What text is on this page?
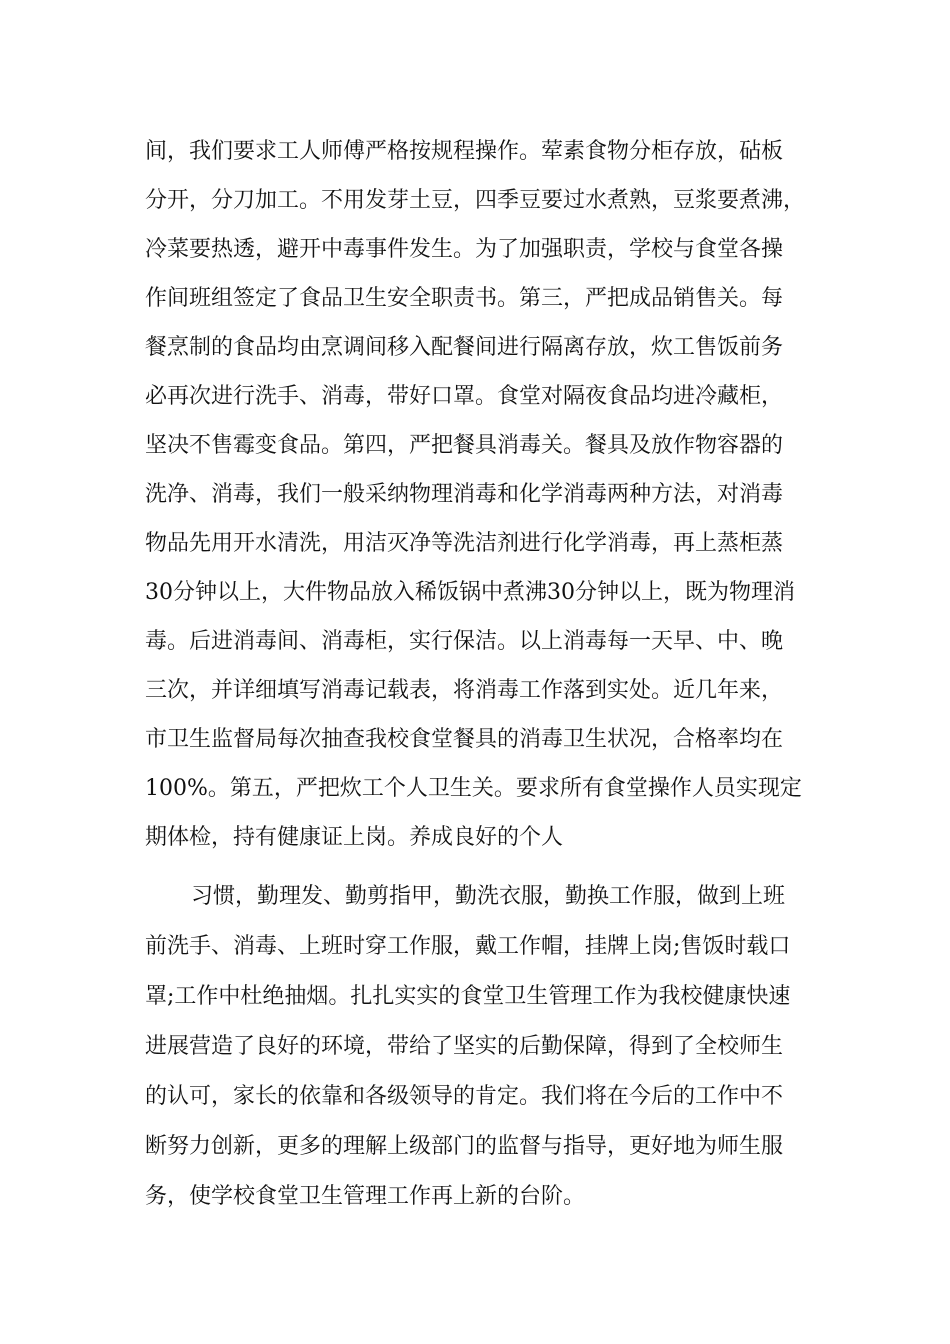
间，我们要求工人师傅严格按规程操作。荤素食物分柜存放，砧板
分开，分刀加工。不用发芽土豆，四季豆要过水煮熟，豆浆要煮沸，
冷菜要热透，避开中毒事件发生。为了加强职责，学校与食堂各操
作间班组签定了食品卫生安全职责书。第三，严把成品销售关。每
餐烹制的食品均由烹调间移入配餐间进行隔离存放，炊工售饭前务
必再次进行洗手、消毒，带好口罩。食堂对隔夜食品均进冷藏柜，
坚决不售霉变食品。第四，严把餐具消毒关。餐具及放作物容器的
洗净、消毒，我们一般采纳物理消毒和化学消毒两种方法，对消毒
物品先用开水清洗，用洁灭净等洗洁剂进行化学消毒，再上蒸柜蒸
30分钟以上，大件物品放入稀饭锅中煮沸30分钟以上，既为物理消
毒。后进消毒间、消毒柜，实行保洁。以上消毒每一天早、中、晚
三次，并详细填写消毒记载表，将消毒工作落到实处。近几年来，
市卫生监督局每次抽查我校食堂餐具的消毒卫生状况，合格率均在
100%。第五，严把炊工个人卫生关。要求所有食堂操作人员实现定
期体检，持有健康证上岗。养成良好的个人
习惯，勤理发、勤剪指甲，勤洗衣服，勤换工作服，做到上班
前洗手、消毒、上班时穿工作服，戴工作帽，挂牌上岗;售饭时载口
罩;工作中杜绝抽烟。扎扎实实的食堂卫生管理工作为我校健康快速
进展营造了良好的环境，带给了坚实的后勤保障，得到了全校师生
的认可，家长的依靠和各级领导的肯定。我们将在今后的工作中不
断努力创新，更多的理解上级部门的监督与指导，更好地为师生服
务，使学校食堂卫生管理工作再上新的台阶。
